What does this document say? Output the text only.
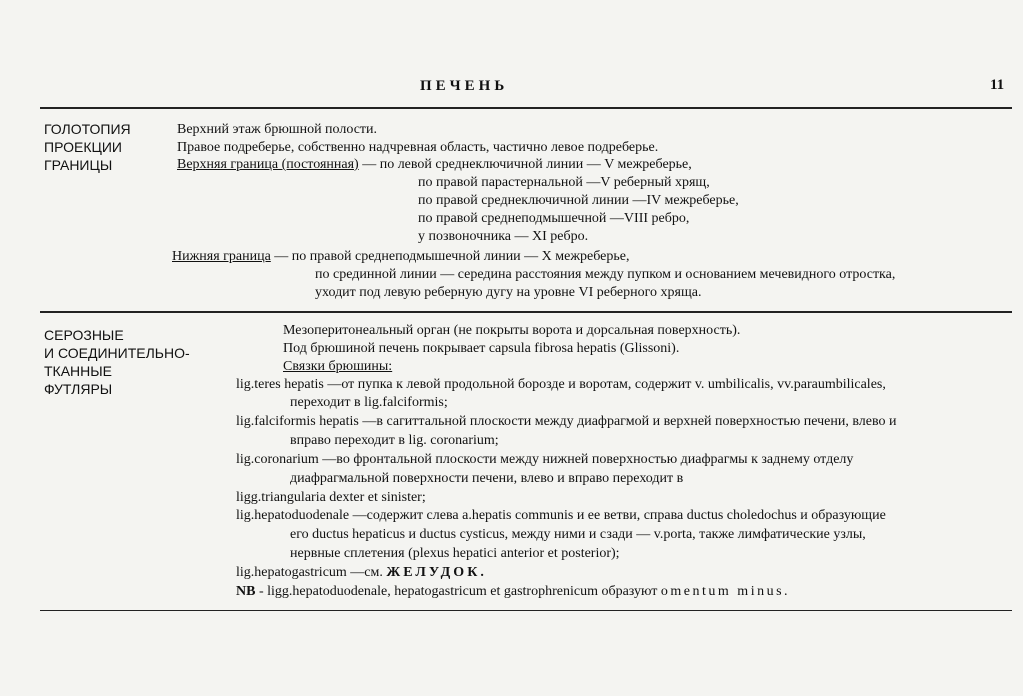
ПЕЧЕНЬ	11
ГОЛОТОПИЯ
ПРОЕКЦИИ
ГРАНИЦЫ
Верхний этаж брюшной полости.
Правое подреберье, собственно надчревная область, частично левое подреберье.
Верхняя граница (постоянная) — по левой среднеключичной линии — V межреберье,
по правой парастернальной —V реберный хрящ,
по правой среднеключичной линии —IV межреберье,
по правой среднеподмышечной —VIII ребро,
у позвоночника — XI ребро.
Нижняя граница — по правой среднеподмышечной линии — X межреберье,
по срединной линии — середина расстояния между пупком и основанием мечевидного отростка,
уходит под левую реберную дугу на уровне VI реберного хряща.
СЕРОЗНЫЕ
И СОЕДИНИТЕЛЬНО-
ТКАННЫЕ
ФУТЛЯРЫ
Мезоперитонеальный орган (не покрыты ворота и дорсальная поверхность).
Под брюшиной печень покрывает capsula fibrosa hepatis (Glissoni).
Связки брюшины:
lig.teres hepatis —от пупка к левой продольной борозде и воротам, содержит v. umbilicalis, vv.paraumbilicales,
переходит в lig.falciformis;
lig.falciformis hepatis —в сагиттальной плоскости между диафрагмой и верхней поверхностью печени, влево и
вправо переходит в lig. coronarium;
lig.coronarium —во фронтальной плоскости между нижней поверхностью диафрагмы к заднему отделу
диафрагмальной поверхности печени, влево и вправо переходит в
ligg.triangularia dexter et sinister;
lig.hepatoduodenale —содержит слева a.hepatis communis и ее ветви, справа ductus choledochus и образующие
его ductus hepaticus и ductus cysticus, между ними и сзади — v.porta, также лимфатические узлы,
нервные сплетения (plexus hepatici anterior et posterior);
lig.hepatogastricum —см. ЖЕЛУДОК.
NB - ligg.hepatoduodenale, hepatogastricum et gastrophrenicum образуют omentum minus.
